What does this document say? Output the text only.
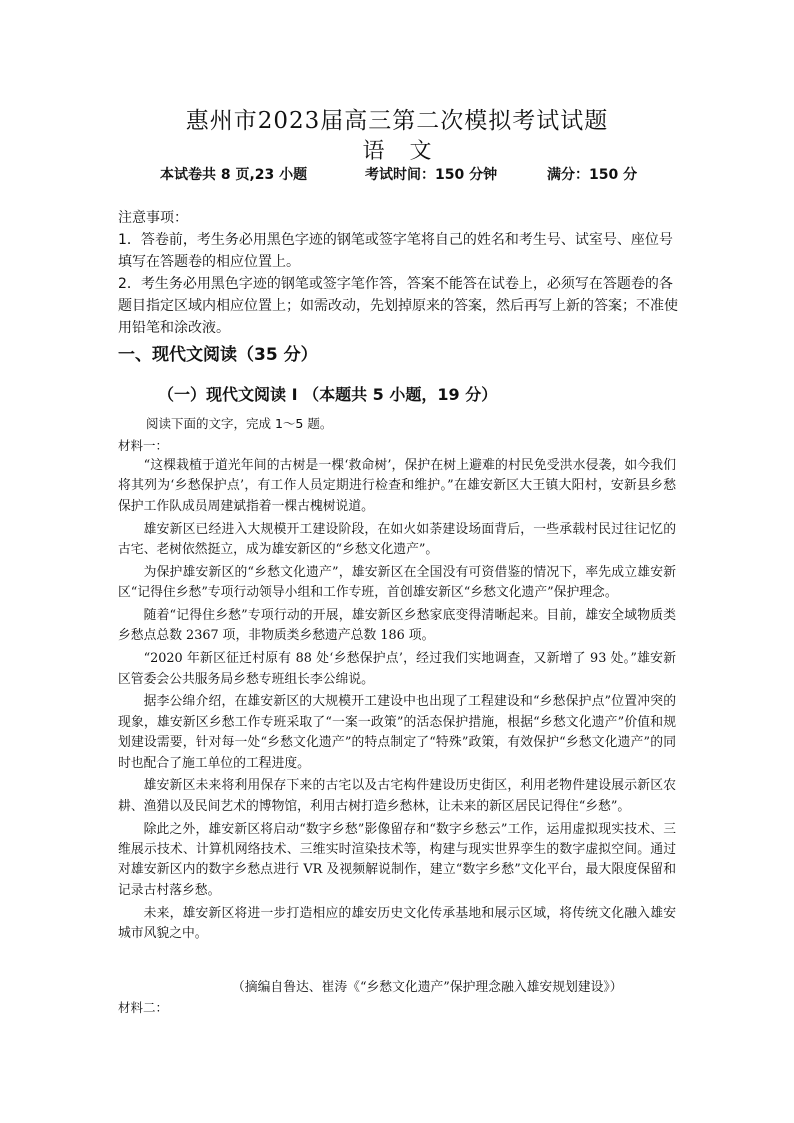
惠州市2023届高三第二次模拟考试试题
语 文
本试卷共 8 页,23 小题	考试时间：150 分钟	满分：150 分

注意事项：

1．答卷前，考生务必用黑色字迹的钢笔或签字笔将自己的姓名和考生号、试室号、座位号填写在答题卷的相应位置上。

2．考生务必用黑色字迹的钢笔或签字笔作答，答案不能答在试卷上，必须写在答题卷的各题目指定区域内相应位置上；如需改动，先划掉原来的答案，然后再写上新的答案；不准使用铅笔和涂改液。

一、现代文阅读（35 分）
（一）现代文阅读 I （本题共 5 小题，19 分）
阅读下面的文字，完成 1～5 题。
材料一：

“这棵栽植于道光年间的古树是一棵‘救命树’，保护在树上避难的村民免受洪水侵袭，如今我们将其列为‘乡愁保护点’，有工作人员定期进行检查和维护。”在雄安新区大王镇大阳村，安新县乡愁保护工作队成员周建斌指着一棵古槐树说道。

雄安新区已经进入大规模开工建设阶段，在如火如荼建设场面背后，一些承载村民过往记忆的古宅、老树依然挺立，成为雄安新区的“乡愁文化遗产”。

为保护雄安新区的“乡愁文化遗产”，雄安新区在全国没有可资借鉴的情况下，率先成立雄安新区“记得住乡愁”专项行动领导小组和工作专班，首创雄安新区“乡愁文化遗产”保护理念。

随着“记得住乡愁”专项行动的开展，雄安新区乡愁家底变得清晰起来。目前，雄安全域物质类乡愁点总数 2367 项，非物质类乡愁遗产总数 186 项。

“2020 年新区征迁村原有 88 处‘乡愁保护点’，经过我们实地调查，又新增了 93 处。”雄安新区管委会公共服务局乡愁专班组长李公绵说。

据李公绵介绍，在雄安新区的大规模开工建设中也出现了工程建设和“乡愁保护点”位置冲突的现象，雄安新区乡愁工作专班采取了“一案一政策”的活态保护措施，根据“乡愁文化遗产”价值和规划建设需要，针对每一处“乡愁文化遗产”的特点制定了“特殊”政策，有效保护“乡愁文化遗产”的同时也配合了施工单位的工程进度。

雄安新区未来将利用保存下来的古宅以及古宅构件建设历史街区，利用老物件建设展示新区农耕、渔猎以及民间艺术的博物馆，利用古树打造乡愁林，让未来的新区居民记得住“乡愁”。

除此之外，雄安新区将启动“数字乡愁”影像留存和“数字乡愁云”工作，运用虚拟现实技术、三维展示技术、计算机网络技术、三维实时渲染技术等，构建与现实世界孪生的数字虚拟空间。通过对雄安新区内的数字乡愁点进行 VR 及视频解说制作，建立“数字乡愁”文化平台，最大限度保留和记录古村落乡愁。

未来，雄安新区将进一步打造相应的雄安历史文化传承基地和展示区域，将传统文化融入雄安城市风貌之中。

（摘编自鲁达、崔涛《“乡愁文化遗产”保护理念融入雄安规划建设》）
材料二：
